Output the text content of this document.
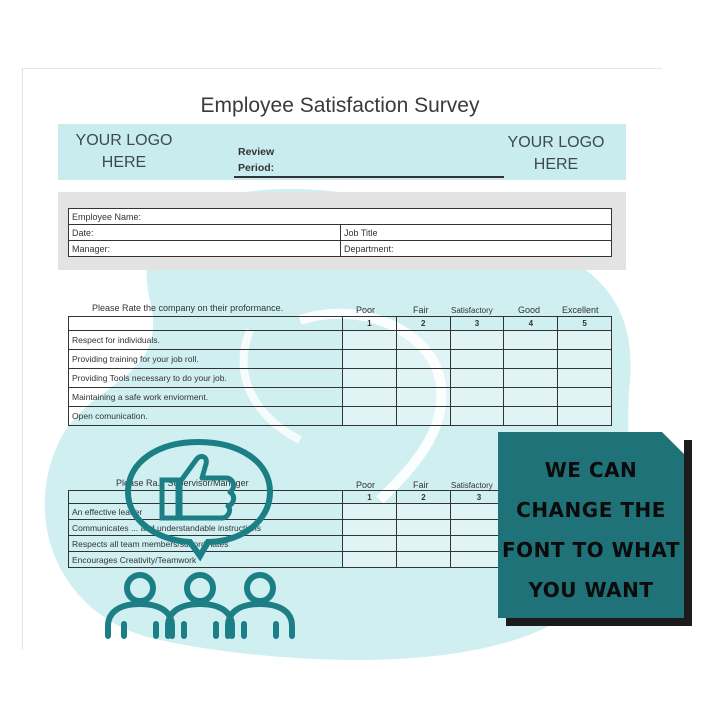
Employee Satisfaction Survey
YOUR LOGO HERE
Review
Period:
YOUR LOGO HERE
Employee Name:	
Date:	Job Title
Manager:	Department:
Please Rate the company on their proformance.	Poor	Fair	Satisfactory	Good Excellent
	1	2	3	4	5
Respect for individuals.					
Providing training for your job roll.					
Providing Tools necessary to do your job.					
Maintaining a safe work enviorment.					
Open comunication.					
Please Ra... Supervisor/Manager	Poor	Fair	Satisfactory
	1	2	3
An effective leader			
Communicates ... and understandable instructions			
Respects all team members/subordinates			
Encourages Creativity/Teamwork			
WE CAN
CHANGE THE
FONT TO WHAT
YOU WANT
